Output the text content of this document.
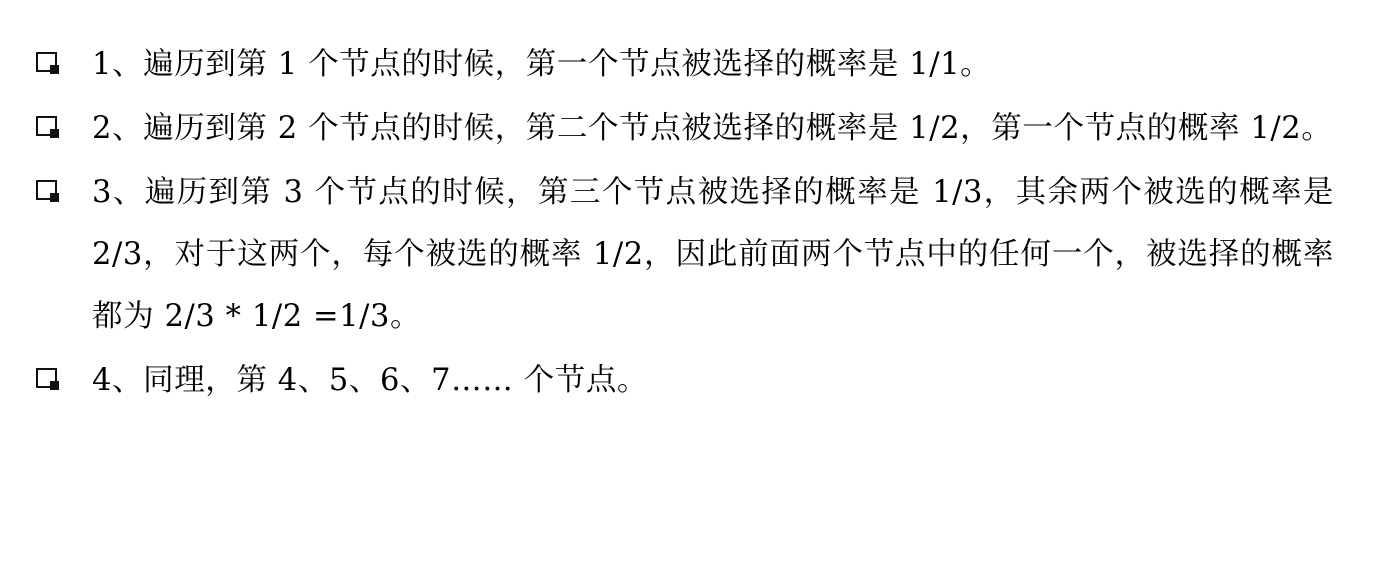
1、遍历到第 1 个节点的时候，第一个节点被选择的概率是 1/1。
2、遍历到第 2 个节点的时候，第二个节点被选择的概率是 1/2，第一个节点的概率 1/2。
3、遍历到第 3 个节点的时候，第三个节点被选择的概率是 1/3，其余两个被选的概率是 2/3，对于这两个，每个被选的概率 1/2，因此前面两个节点中的任何一个，被选择的概率都为 2/3 * 1/2 =1/3。
4、同理，第 4、5、6、7…… 个节点。
